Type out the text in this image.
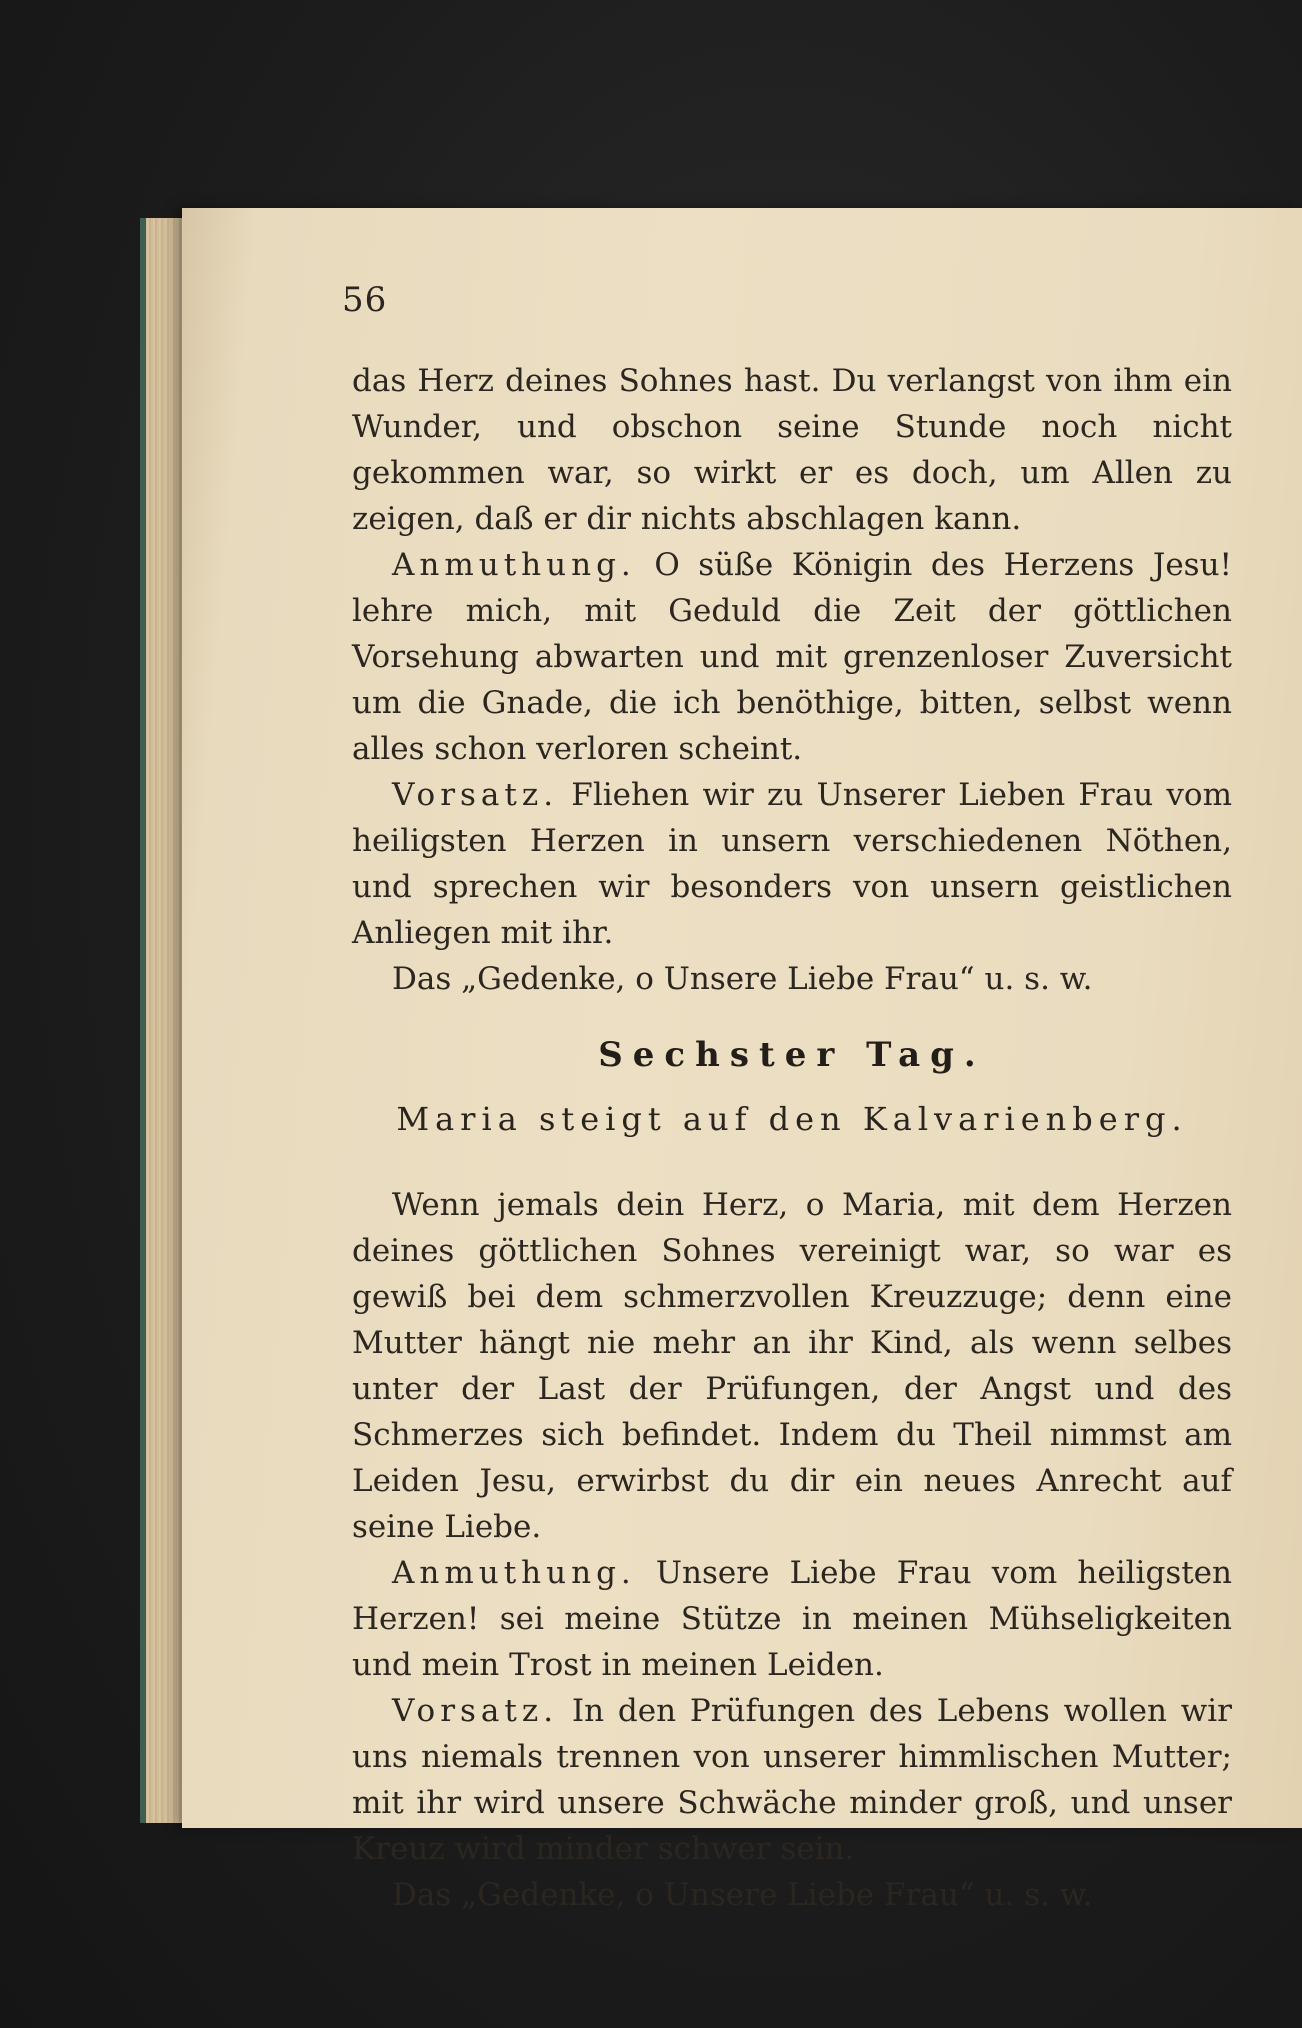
56

das Herz deines Sohnes hast. Du verlangst von ihm ein Wunder, und obschon seine Stunde noch nicht gekommen war, so wirkt er es doch, um Allen zu zeigen, daß er dir nichts abschlagen kann.

Anmuthung. O süße Königin des Herzens Jesu! lehre mich, mit Geduld die Zeit der göttlichen Vorsehung abwarten und mit grenzenloser Zuversicht um die Gnade, die ich benöthige, bitten, selbst wenn alles schon verloren scheint.

Vorsatz. Fliehen wir zu Unserer Lieben Frau vom heiligsten Herzen in unsern verschiedenen Nöthen, und sprechen wir besonders von unsern geistlichen Anliegen mit ihr.

Das „Gedenke, o Unsere Liebe Frau“ u. s. w.

Sechster Tag.
Maria steigt auf den Kalvarienberg.

Wenn jemals dein Herz, o Maria, mit dem Herzen deines göttlichen Sohnes vereinigt war, so war es gewiß bei dem schmerzvollen Kreuzzuge; denn eine Mutter hängt nie mehr an ihr Kind, als wenn selbes unter der Last der Prüfungen, der Angst und des Schmerzes sich befindet. Indem du Theil nimmst am Leiden Jesu, erwirbst du dir ein neues Anrecht auf seine Liebe.

Anmuthung. Unsere Liebe Frau vom heiligsten Herzen! sei meine Stütze in meinen Mühseligkeiten und mein Trost in meinen Leiden.

Vorsatz. In den Prüfungen des Lebens wollen wir uns niemals trennen von unserer himmlischen Mutter; mit ihr wird unsere Schwäche minder groß, und unser Kreuz wird minder schwer sein.

Das „Gedenke, o Unsere Liebe Frau“ u. s. w.
